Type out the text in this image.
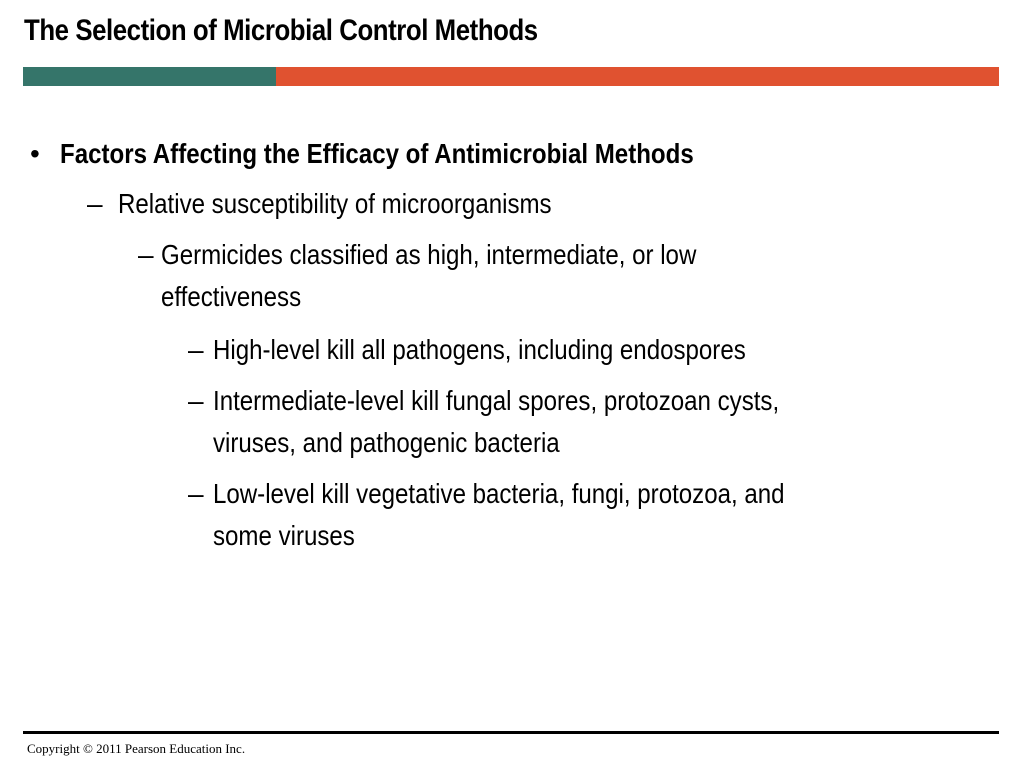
The Selection of Microbial Control Methods
• Factors Affecting the Efficacy of Antimicrobial Methods
– Relative susceptibility of microorganisms
– Germicides classified as high, intermediate, or low
effectiveness
– High-level kill all pathogens, including endospores
– Intermediate-level kill fungal spores, protozoan cysts,
viruses, and pathogenic bacteria
– Low-level kill vegetative bacteria, fungi, protozoa, and
some viruses
Copyright © 2011 Pearson Education Inc.
